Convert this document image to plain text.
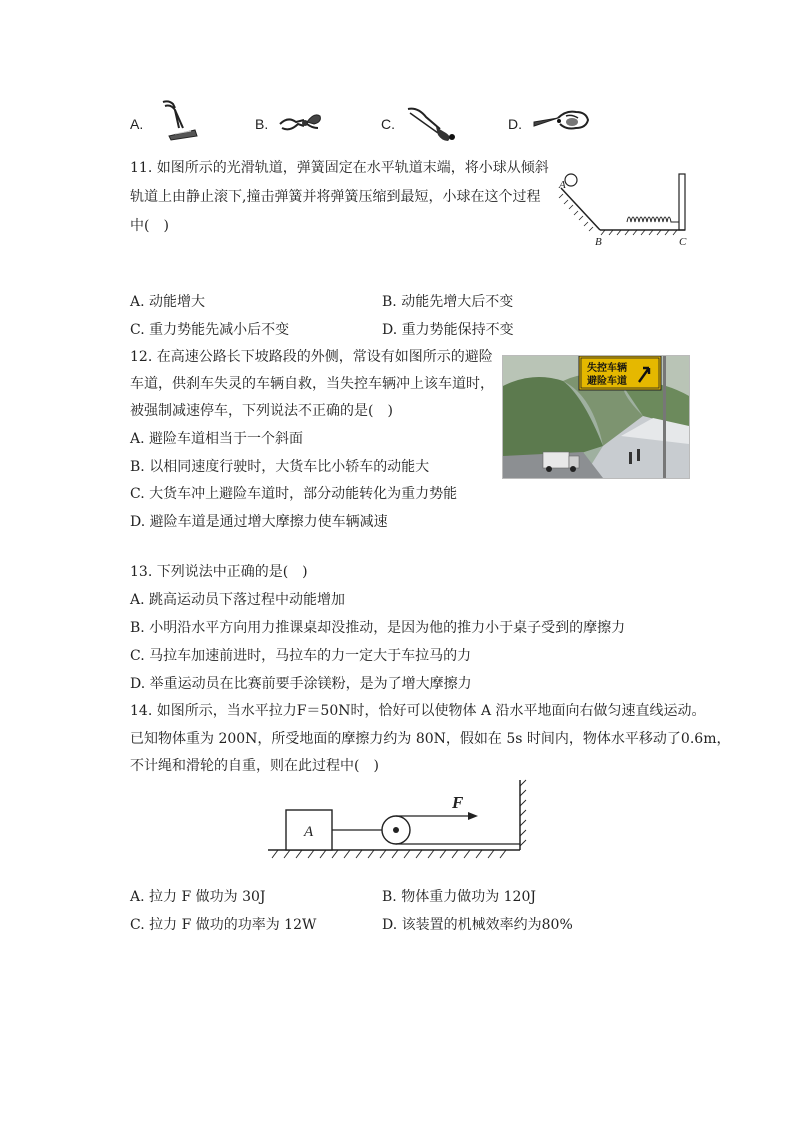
A.	B.	C.	D.
11. 如图所示的光滑轨道，弹簧固定在水平轨道末端，将小球从倾斜
轨道上由静止滚下,撞击弹簧并将弹簧压缩到最短，小球在这个过程
中(　)
A
B	C
A. 动能增大	B. 动能先增大后不变
C. 重力势能先减小后不变	D. 重力势能保持不变
12. 在高速公路长下坡路段的外侧，常设有如图所示的避险
车道，供刹车失灵的车辆自救，当失控车辆冲上该车道时，
被强制减速停车，下列说法不正确的是(　)
失控车辆
避险车道
A. 避险车道相当于一个斜面
B. 以相同速度行驶时，大货车比小轿车的动能大
C. 大货车冲上避险车道时，部分动能转化为重力势能
D. 避险车道是通过增大摩擦力使车辆减速
13. 下列说法中正确的是(　)
A. 跳高运动员下落过程中动能增加
B. 小明沿水平方向用力推课桌却没推动，是因为他的推力小于桌子受到的摩擦力
C. 马拉车加速前进时，马拉车的力一定大于车拉马的力
D. 举重运动员在比赛前要手涂镁粉，是为了增大摩擦力
14. 如图所示，当水平拉力F＝50N时，恰好可以使物体 A 沿水平地面向右做匀速直线运动。
已知物体重为 200N，所受地面的摩擦力约为 80N，假如在 5s 时间内，物体水平移动了0.6m，
不计绳和滑轮的自重，则在此过程中(　)
A
F
A. 拉力 F 做功为 30J	B. 物体重力做功为 120J
C. 拉力 F 做功的功率为 12W	D. 该装置的机械效率约为80%
